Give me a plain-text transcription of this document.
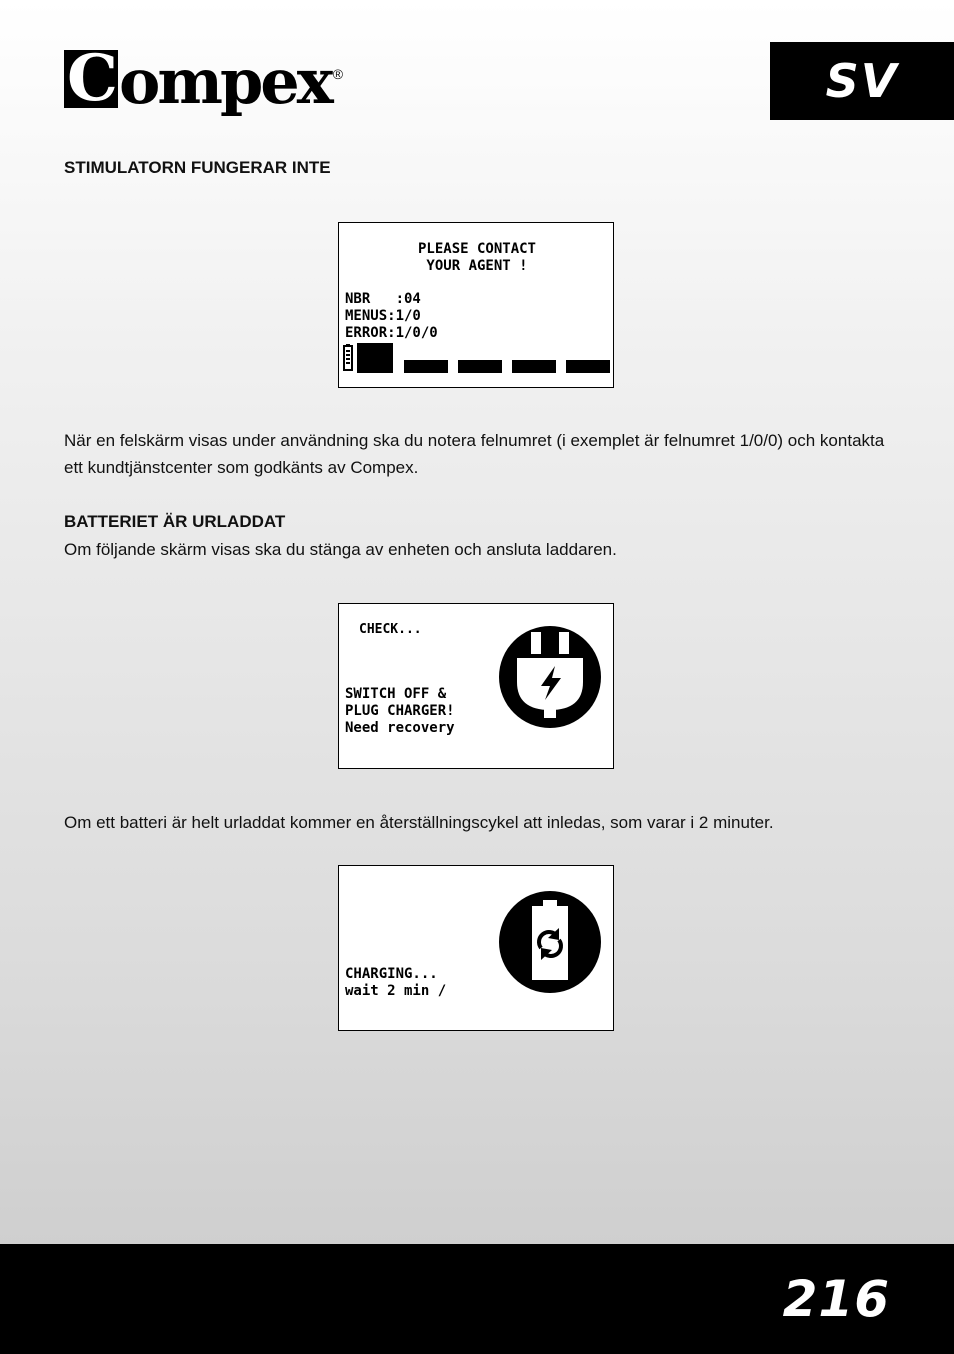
Compex ®	SV
STIMULATORN FUNGERAR INTE
PLEASE CONTACT
YOUR AGENT !
NBR   :04
MENUS:1/0
ERROR:1/0/0

När en felskärm visas under användning ska du notera felnumret (i exemplet är felnumret 1/0/0) och kontakta ett kundtjänstcenter som godkänts av Compex.

BATTERIET ÄR URLADDAT

Om följande skärm visas ska du stänga av enheten och ansluta laddaren.

CHECK...
SWITCH OFF &
PLUG CHARGER!
Need recovery

Om ett batteri är helt urladdat kommer en återställningscykel att inledas, som varar i 2 minuter.

CHARGING...
wait 2 min /
216
